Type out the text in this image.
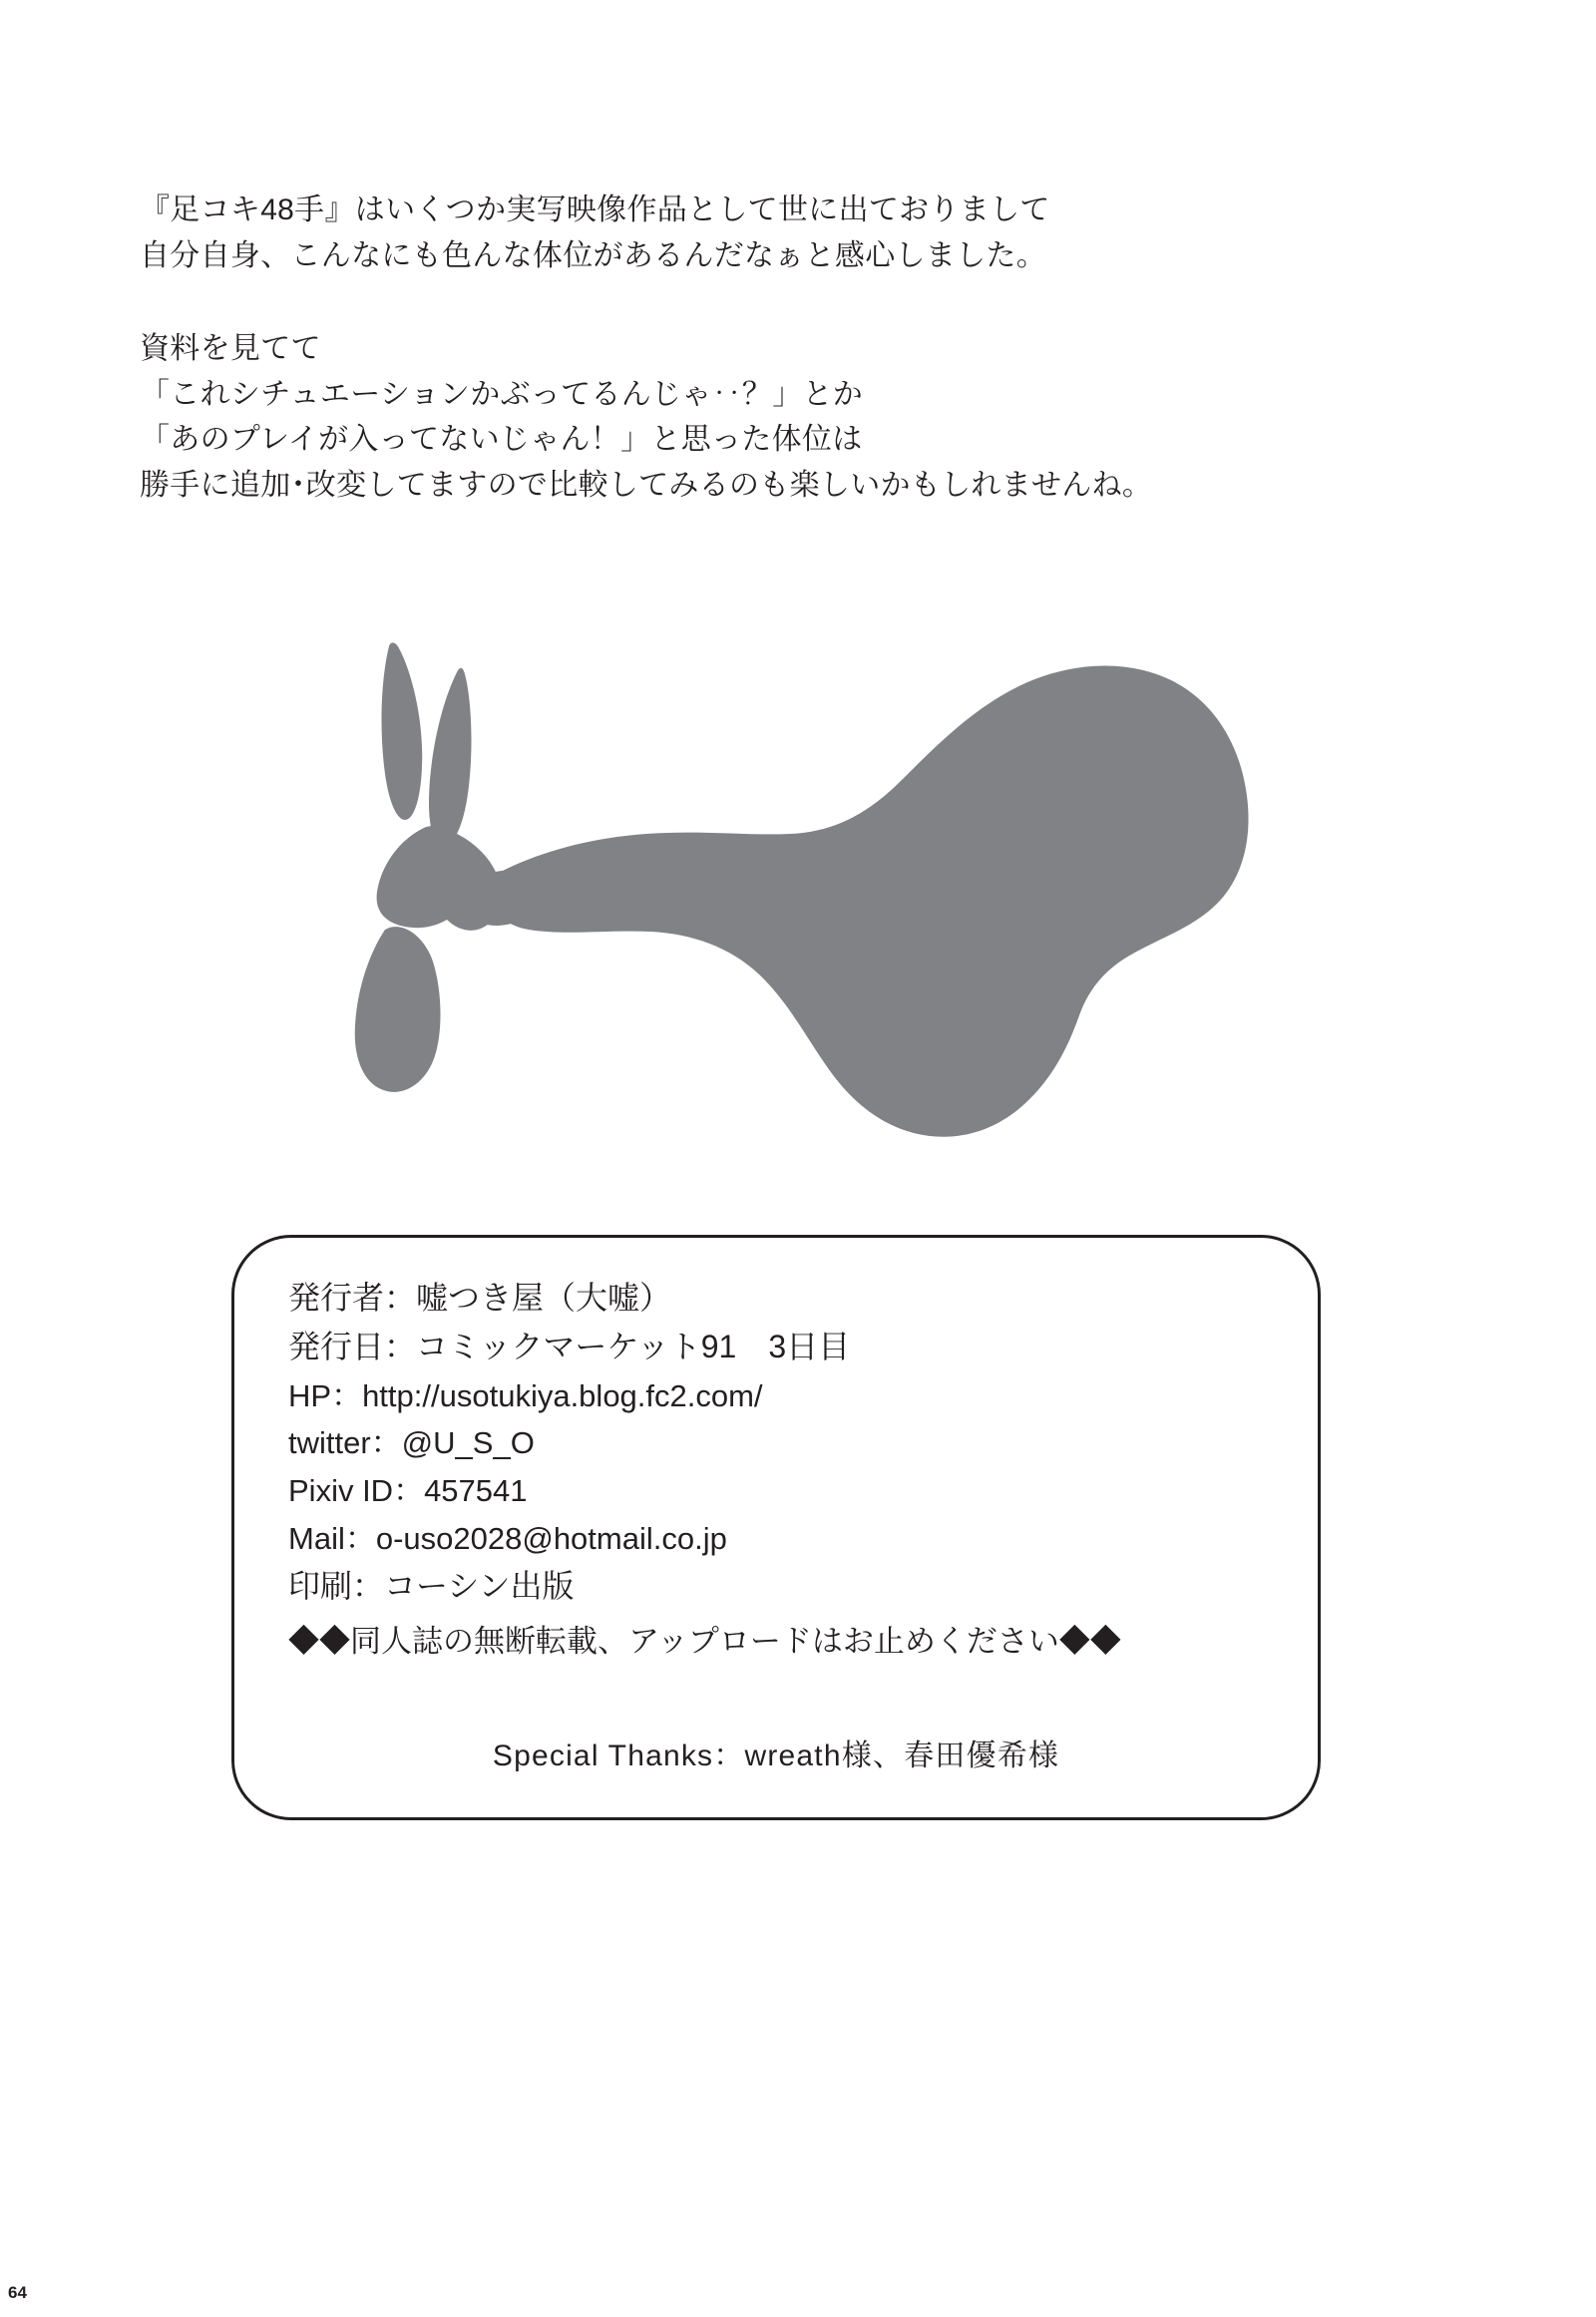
『足コキ48手』はいくつか実写映像作品として世に出ておりまして
自分自身、こんなにも色んな体位があるんだなぁと感心しました。
資料を見てて
「これシチュエーションかぶってるんじゃ‥？」とか
「あのプレイが入ってないじゃん！」と思った体位は
勝手に追加･改変してますので比較してみるのも楽しいかもしれませんね。
発行者：嘘つき屋（大嘘）
発行日：コミックマーケット91　3日目
HP：http://usotukiya.blog.fc2.com/
twitter：@U_S_O
Pixiv ID：457541
Mail：o-uso2028@hotmail.co.jp
印刷：コーシン出版
◆◆同人誌の無断転載、アップロードはお止めください◆◆
Special Thanks：wreath様、春田優希様
64
